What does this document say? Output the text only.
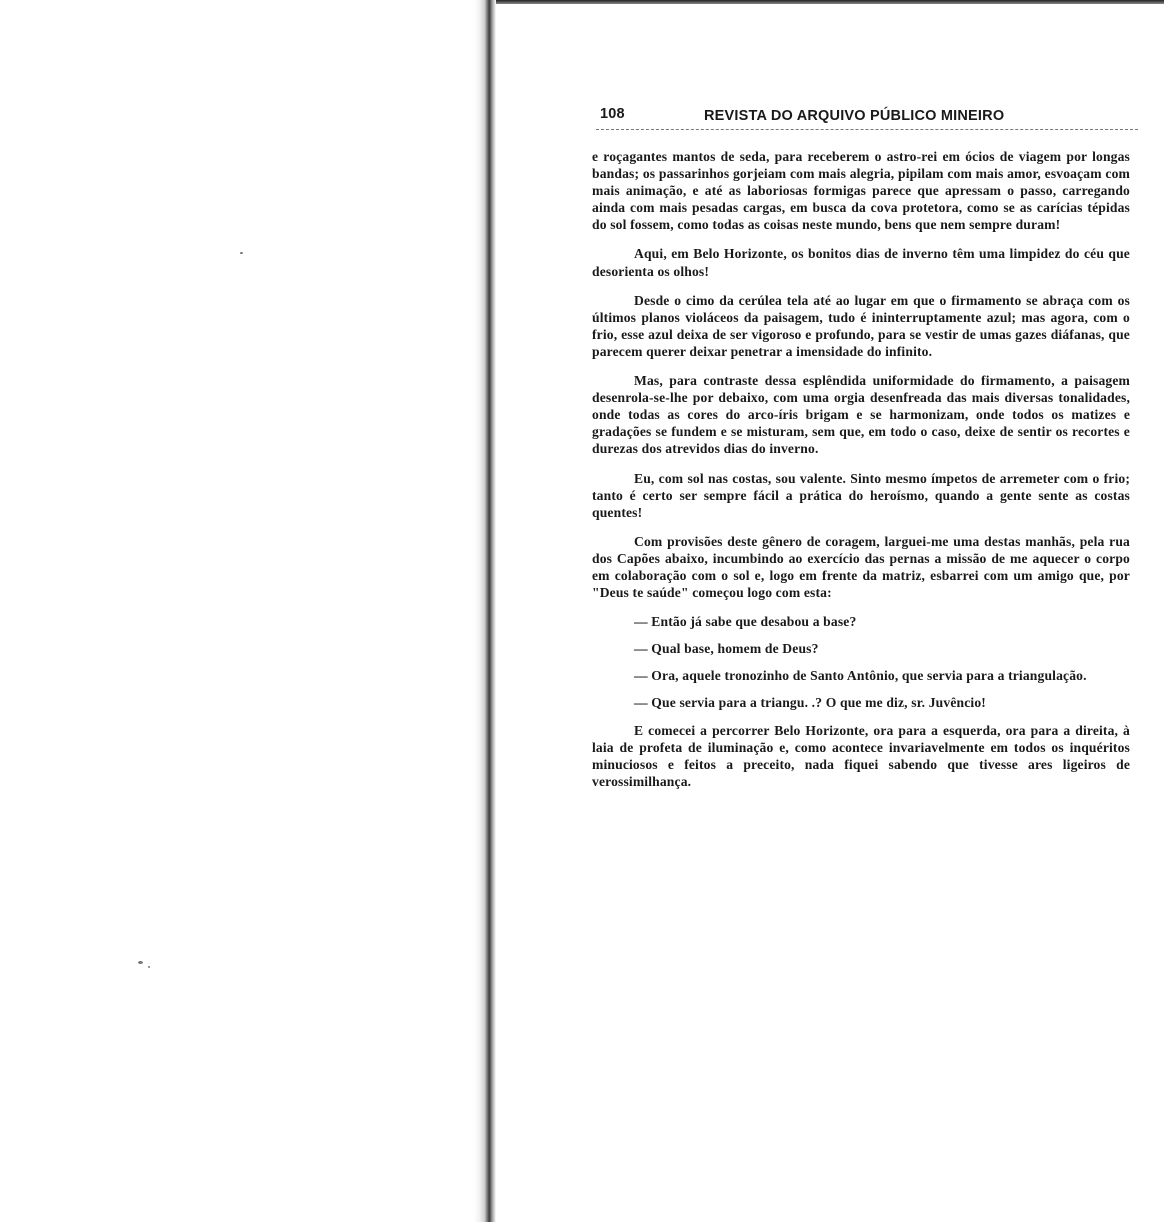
108	REVISTA DO ARQUIVO PÚBLICO MINEIRO

e roçagantes mantos de seda, para receberem o astro-rei em ócios de viagem por longas bandas; os passarinhos gorjeiam com mais alegria, pipilam com mais amor, esvoaçam com mais animação, e até as laboriosas formigas parece que apressam o passo, carregando ainda com mais pesadas cargas, em busca da cova protetora, como se as carícias tépidas do sol fossem, como todas as coisas neste mundo, bens que nem sempre duram!

Aqui, em Belo Horizonte, os bonitos dias de inverno têm uma limpidez do céu que desorienta os olhos!

Desde o cimo da cerúlea tela até ao lugar em que o firmamento se abraça com os últimos planos violáceos da paisagem, tudo é ininterruptamente azul; mas agora, com o frio, esse azul deixa de ser vigoroso e profundo, para se vestir de umas gazes diáfanas, que parecem querer deixar penetrar a imensidade do infinito.

Mas, para contraste dessa esplêndida uniformidade do firmamento, a paisagem desenrola-se-lhe por debaixo, com uma orgia desenfreada das mais diversas tonalidades, onde todas as cores do arco-íris brigam e se harmonizam, onde todos os matizes e gradações se fundem e se misturam, sem que, em todo o caso, deixe de sentir os recortes e durezas dos atrevidos dias do inverno.

Eu, com sol nas costas, sou valente. Sinto mesmo ímpetos de arremeter com o frio; tanto é certo ser sempre fácil a prática do heroísmo, quando a gente sente as costas quentes!

Com provisões deste gênero de coragem, larguei-me uma destas manhãs, pela rua dos Capões abaixo, incumbindo ao exercício das pernas a missão de me aquecer o corpo em colaboração com o sol e, logo em frente da matriz, esbarrei com um amigo que, por "Deus te saúde" começou logo com esta:

— Então já sabe que desabou a base?

— Qual base, homem de Deus?

— Ora, aquele tronozinho de Santo Antônio, que servia para a triangulação.

— Que servia para a triangu. .? O que me diz, sr. Juvêncio!

E comecei a percorrer Belo Horizonte, ora para a esquerda, ora para a direita, à laia de profeta de iluminação e, como acontece invariavelmente em todos os inquéritos minuciosos e feitos a preceito, nada fiquei sabendo que tivesse ares ligeiros de verossimilhança.
